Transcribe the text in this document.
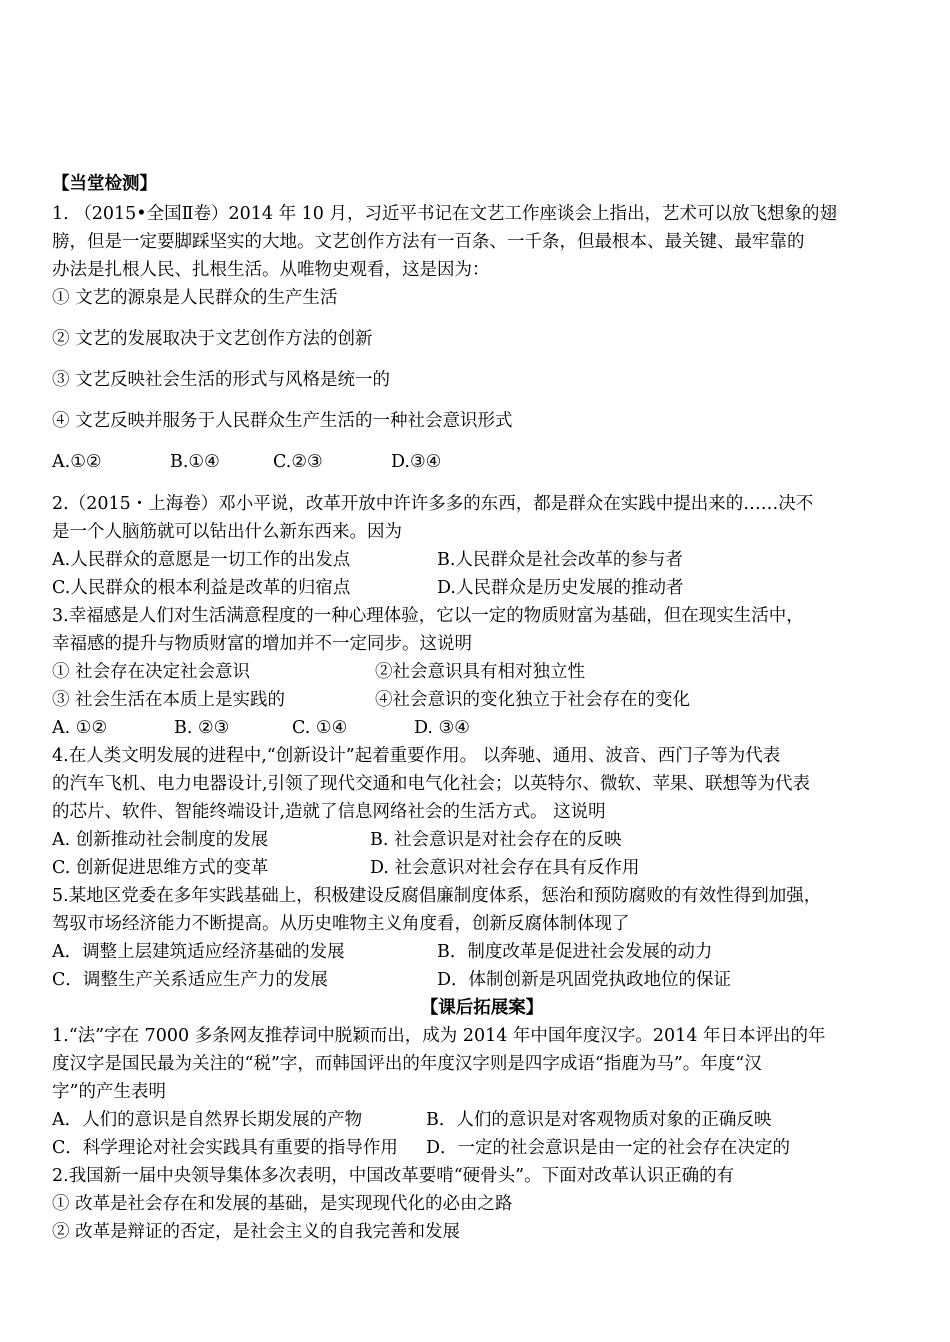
【当堂检测】
1. （2015•全国Ⅱ卷）2014 年 10 月，习近平书记在文艺工作座谈会上指出，艺术可以放飞想象的翅
膀，但是一定要脚踩坚实的大地。文艺创作方法有一百条、一千条，但最根本、最关键、最牢靠的
办法是扎根人民、扎根生活。从唯物史观看，这是因为：
① 文艺的源泉是人民群众的生产生活
② 文艺的发展取决于文艺创作方法的创新
③ 文艺反映社会生活的形式与风格是统一的
④ 文艺反映并服务于人民群众生产生活的一种社会意识形式
A.①②	B.①④	C.②③	D.③④
2.（2015・上海卷）邓小平说，改革开放中许许多多的东西，都是群众在实践中提出来的……决不
是一个人脑筋就可以钻出什么新东西来。因为
A.人民群众的意愿是一切工作的出发点	B.人民群众是社会改革的参与者
C.人民群众的根本利益是改革的归宿点	D.人民群众是历史发展的推动者
3.幸福感是人们对生活满意程度的一种心理体验，它以一定的物质财富为基础，但在现实生活中，
幸福感的提升与物质财富的增加并不一定同步。这说明
① 社会存在决定社会意识	②社会意识具有相对独立性
③ 社会生活在本质上是实践的	④社会意识的变化独立于社会存在的变化
A. ①②	B. ②③	C. ①④	D. ③④
4.在人类文明发展的进程中,“创新设计”起着重要作用。 以奔驰、通用、波音、西门子等为代表
的汽车飞机、电力电器设计,引领了现代交通和电气化社会；以英特尔、微软、苹果、联想等为代表
的芯片、软件、智能终端设计,造就了信息网络社会的生活方式。 这说明
A. 创新推动社会制度的发展	B. 社会意识是对社会存在的反映
C. 创新促进思维方式的变革	D. 社会意识对社会存在具有反作用
5.某地区党委在多年实践基础上，积极建设反腐倡廉制度体系，惩治和预防腐败的有效性得到加强，
驾驭市场经济能力不断提高。从历史唯物主义角度看，创新反腐体制体现了
A．调整上层建筑适应经济基础的发展	B．制度改革是促进社会发展的动力
C．调整生产关系适应生产力的发展	D．体制创新是巩固党执政地位的保证
【课后拓展案】
1.“法”字在 7000 多条网友推荐词中脱颖而出，成为 2014 年中国年度汉字。2014 年日本评出的年
度汉字是国民最为关注的“税”字，而韩国评出的年度汉字则是四字成语“指鹿为马”。年度“汉
字”的产生表明
A．人们的意识是自然界长期发展的产物	B．人们的意识是对客观物质对象的正确反映
C．科学理论对社会实践具有重要的指导作用	D．一定的社会意识是由一定的社会存在决定的
2.我国新一届中央领导集体多次表明，中国改革要啃“硬骨头”。下面对改革认识正确的有
① 改革是社会存在和发展的基础，是实现现代化的必由之路
② 改革是辩证的否定，是社会主义的自我完善和发展
